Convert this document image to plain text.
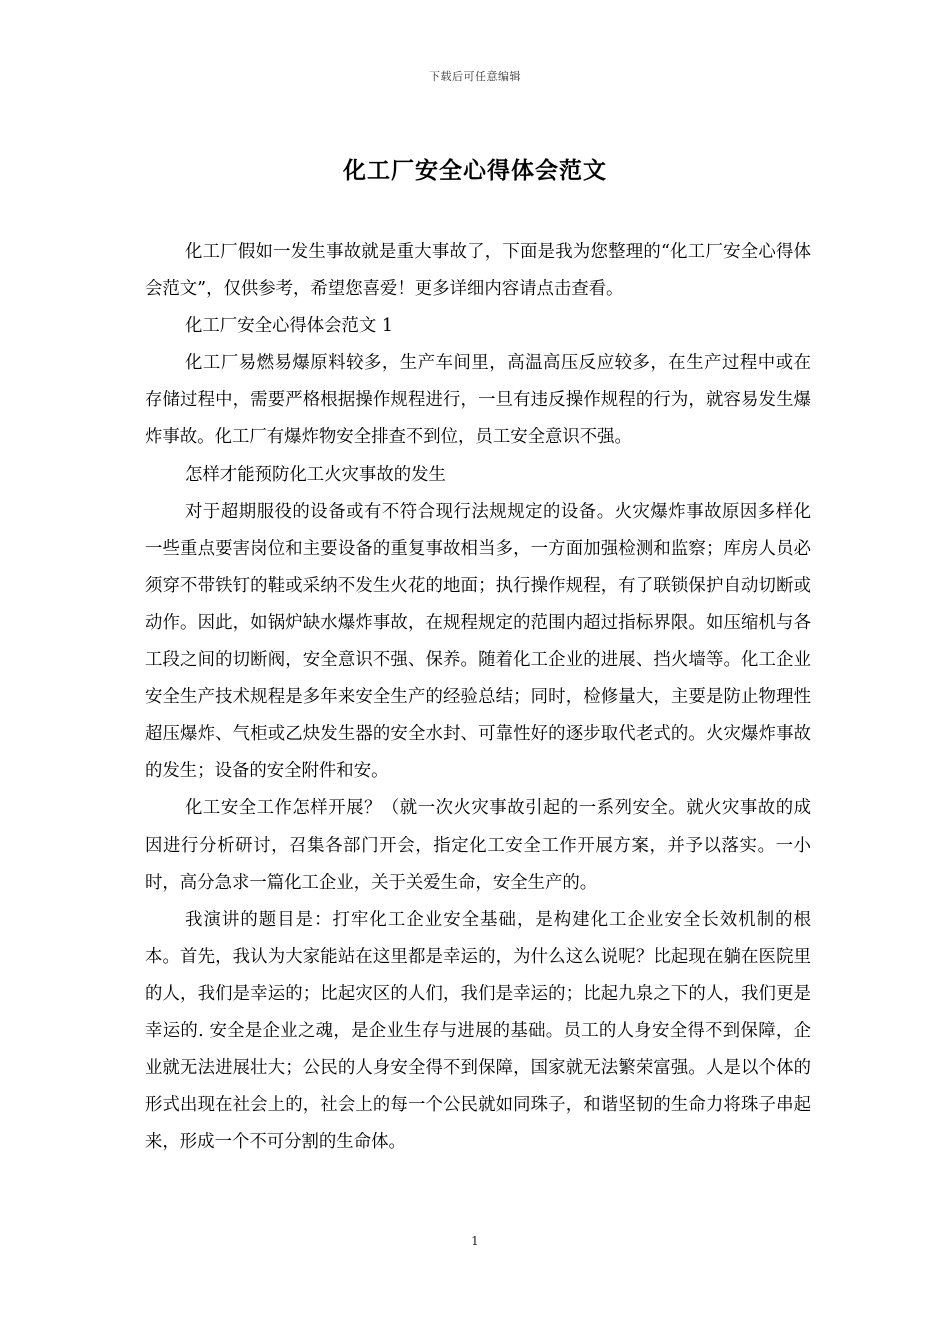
下载后可任意编辑
化工厂安全心得体会范文

化工厂假如一发生事故就是重大事故了，下面是我为您整理的“化工厂安全心得体会范文”，仅供参考，希望您喜爱！更多详细内容请点击查看。

化工厂安全心得体会范文 1

化工厂易燃易爆原料较多，生产车间里，高温高压反应较多，在生产过程中或在存储过程中，需要严格根据操作规程进行，一旦有违反操作规程的行为，就容易发生爆炸事故。化工厂有爆炸物安全排查不到位，员工安全意识不强。

怎样才能预防化工火灾事故的发生

对于超期服役的设备或有不符合现行法规规定的设备。火灾爆炸事故原因多样化一些重点要害岗位和主要设备的重复事故相当多，一方面加强检测和监察；库房人员必须穿不带铁钉的鞋或采纳不发生火花的地面；执行操作规程，有了联锁保护自动切断或动作。因此，如锅炉缺水爆炸事故，在规程规定的范围内超过指标界限。如压缩机与各工段之间的切断阀，安全意识不强、保养。随着化工企业的进展、挡火墙等。化工企业安全生产技术规程是多年来安全生产的经验总结；同时，检修量大，主要是防止物理性超压爆炸、气柜或乙炔发生器的安全水封、可靠性好的逐步取代老式的。火灾爆炸事故的发生；设备的安全附件和安。

化工安全工作怎样开展？（就一次火灾事故引起的一系列安全。就火灾事故的成因进行分析研讨，召集各部门开会，指定化工安全工作开展方案，并予以落实。一小时，高分急求一篇化工企业，关于关爱生命，安全生产的。

我演讲的题目是：打牢化工企业安全基础，是构建化工企业安全长效机制的根本。首先，我认为大家能站在这里都是幸运的，为什么这么说呢？比起现在躺在医院里的人，我们是幸运的；比起灾区的人们，我们是幸运的；比起九泉之下的人，我们更是幸运的. 安全是企业之魂，是企业生存与进展的基础。员工的人身安全得不到保障，企业就无法进展壮大；公民的人身安全得不到保障，国家就无法繁荣富强。人是以个体的形式出现在社会上的，社会上的每一个公民就如同珠子，和谐坚韧的生命力将珠子串起来，形成一个不可分割的生命体。

1
